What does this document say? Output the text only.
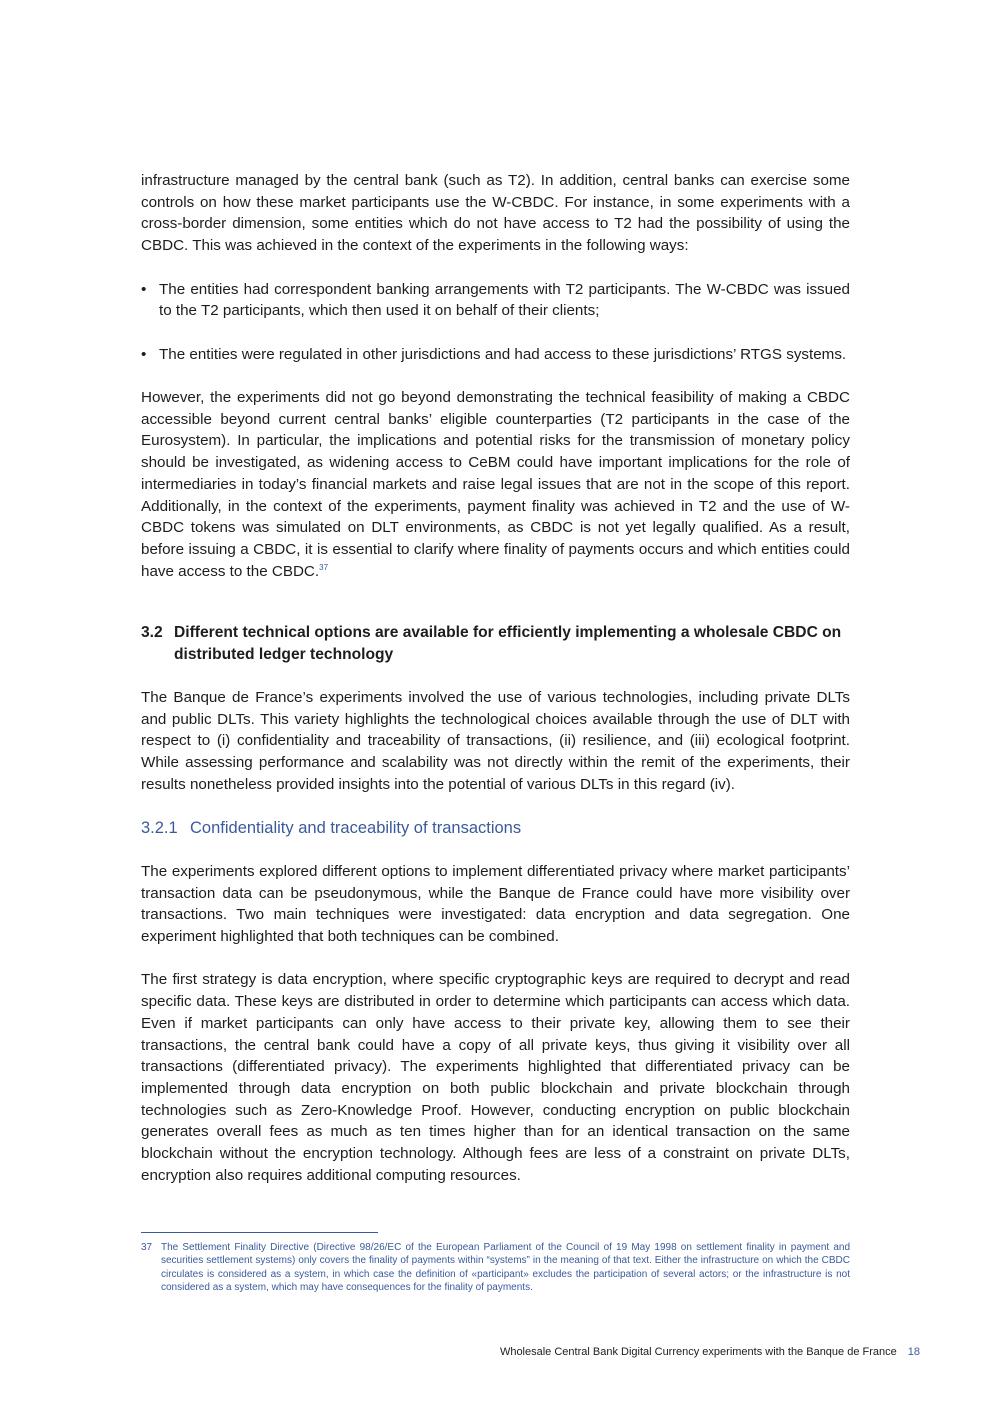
infrastructure managed by the central bank (such as T2). In addition, central banks can exercise some controls on how these market participants use the W-CBDC. For instance, in some experiments with a cross-border dimension, some entities which do not have access to T2 had the possibility of using the CBDC. This was achieved in the context of the experiments in the following ways:

• The entities had correspondent banking arrangements with T2 participants. The W-CBDC was issued to the T2 participants, which then used it on behalf of their clients;
• The entities were regulated in other jurisdictions and had access to these jurisdictions’ RTGS systems.

However, the experiments did not go beyond demonstrating the technical feasibility of making a CBDC accessible beyond current central banks’ eligible counterparties (T2 participants in the case of the Eurosystem). In particular, the implications and potential risks for the transmission of monetary policy should be investigated, as widening access to CeBM could have important implications for the role of intermediaries in today’s financial markets and raise legal issues that are not in the scope of this report. Additionally, in the context of the experiments, payment finality was achieved in T2 and the use of W-CBDC tokens was simulated on DLT environments, as CBDC is not yet legally qualified. As a result, before issuing a CBDC, it is essential to clarify where finality of payments occurs and which entities could have access to the CBDC.$^{37}$

3.2 Different technical options are available for efficiently implementing a wholesale CBDC on distributed ledger technology

The Banque de France’s experiments involved the use of various technologies, including private DLTs and public DLTs. This variety highlights the technological choices available through the use of DLT with respect to (i) confidentiality and traceability of transactions, (ii) resilience, and (iii) ecological footprint. While assessing performance and scalability was not directly within the remit of the experiments, their results nonetheless provided insights into the potential of various DLTs in this regard (iv).

3.2.1 Confidentiality and traceability of transactions

The experiments explored different options to implement differentiated privacy where market participants’ transaction data can be pseudonymous, while the Banque de France could have more visibility over transactions. Two main techniques were investigated: data encryption and data segregation. One experiment highlighted that both techniques can be combined.

The first strategy is data encryption, where specific cryptographic keys are required to decrypt and read specific data. These keys are distributed in order to determine which participants can access which data. Even if market participants can only have access to their private key, allowing them to see their transactions, the central bank could have a copy of all private keys, thus giving it visibility over all transactions (differentiated privacy). The experiments highlighted that differentiated privacy can be implemented through data encryption on both public blockchain and private blockchain through technologies such as Zero-Knowledge Proof. However, conducting encryption on public blockchain generates overall fees as much as ten times higher than for an identical transaction on the same blockchain without the encryption technology. Although fees are less of a constraint on private DLTs, encryption also requires additional computing resources.

37 The Settlement Finality Directive (Directive 98/26/EC of the European Parliament of the Council of 19 May 1998 on settlement finality in payment and securities settlement systems) only covers the finality of payments within “systems” in the meaning of that text. Either the infrastructure on which the CBDC circulates is considered as a system, in which case the definition of «participant» excludes the participation of several actors; or the infrastructure is not considered as a system, which may have consequences for the finality of payments.
Wholesale Central Bank Digital Currency experiments with the Banque de France 18
